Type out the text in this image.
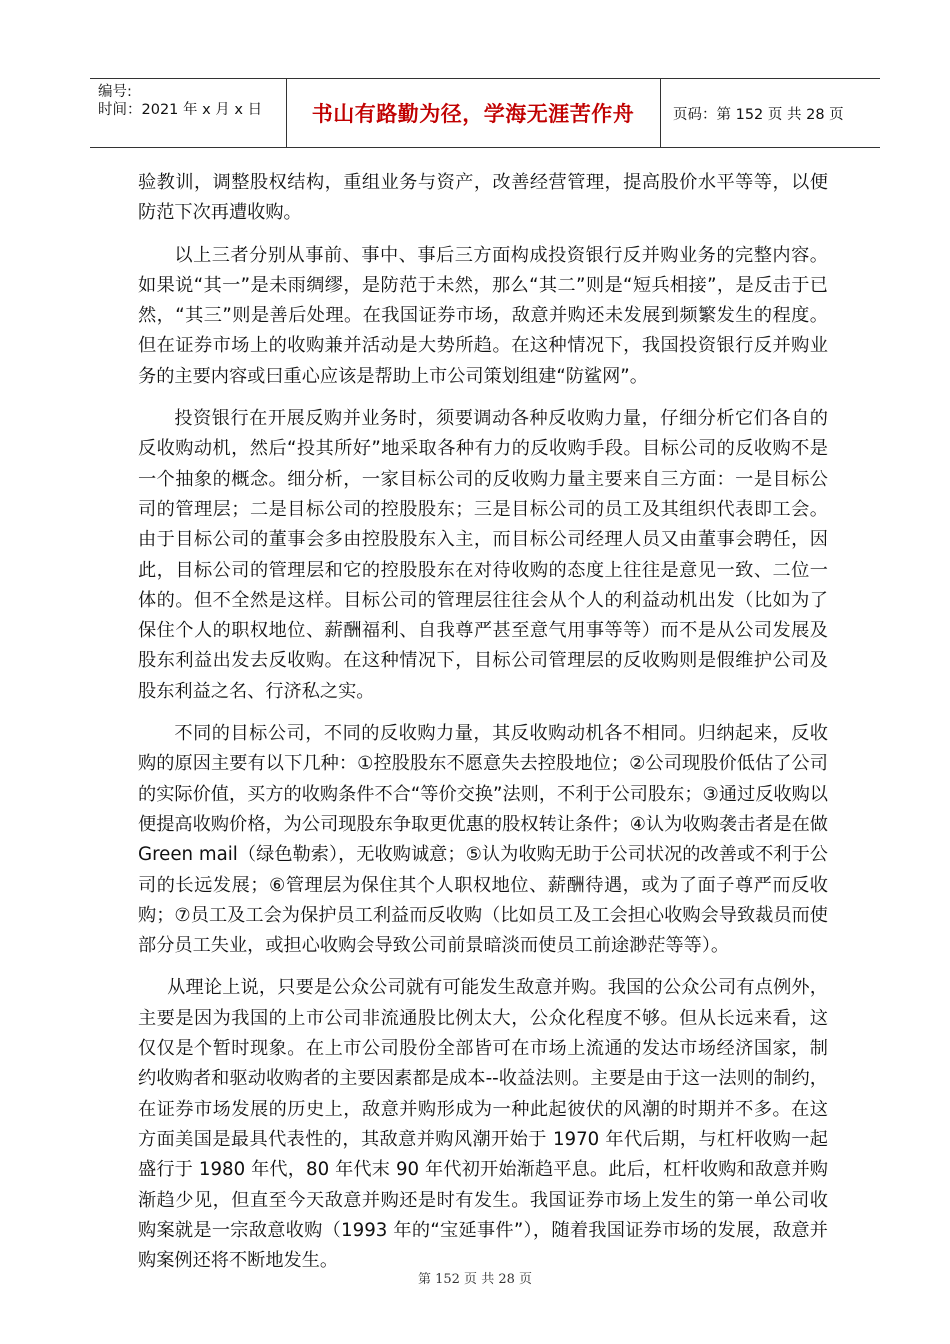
编号:
时间：2021 年 x 月 x 日	书山有路勤为径，学海无涯苦作舟	页码：第 152 页 共 28 页

验教训，调整股权结构，重组业务与资产，改善经营管理，提高股价水平等等，以便防范下次再遭收购。

以上三者分别从事前、事中、事后三方面构成投资银行反并购业务的完整内容。如果说“其一”是未雨绸缪，是防范于未然，那么“其二”则是“短兵相接”，是反击于已然，“其三”则是善后处理。在我国证券市场，敌意并购还未发展到频繁发生的程度。但在证券市场上的收购兼并活动是大势所趋。在这种情况下，我国投资银行反并购业务的主要内容或曰重心应该是帮助上市公司策划组建“防鲨网”。

投资银行在开展反购并业务时，须要调动各种反收购力量，仔细分析它们各自的反收购动机，然后“投其所好”地采取各种有力的反收购手段。目标公司的反收购不是一个抽象的概念。细分析，一家目标公司的反收购力量主要来自三方面：一是目标公司的管理层；二是目标公司的控股股东；三是目标公司的员工及其组织代表即工会。由于目标公司的董事会多由控股股东入主，而目标公司经理人员又由董事会聘任，因此，目标公司的管理层和它的控股股东在对待收购的态度上往往是意见一致、二位一体的。但不全然是这样。目标公司的管理层往往会从个人的利益动机出发（比如为了保住个人的职权地位、薪酬福利、自我尊严甚至意气用事等等）而不是从公司发展及股东利益出发去反收购。在这种情况下，目标公司管理层的反收购则是假维护公司及股东利益之名、行济私之实。

不同的目标公司，不同的反收购力量，其反收购动机各不相同。归纳起来，反收购的原因主要有以下几种：①控股股东不愿意失去控股地位；②公司现股价低估了公司的实际价值，买方的收购条件不合“等价交换”法则，不利于公司股东；③通过反收购以便提高收购价格，为公司现股东争取更优惠的股权转让条件；④认为收购袭击者是在做 Green mail（绿色勒索），无收购诚意；⑤认为收购无助于公司状况的改善或不利于公司的长远发展；⑥管理层为保住其个人职权地位、薪酬待遇，或为了面子尊严而反收购；⑦员工及工会为保护员工利益而反收购（比如员工及工会担心收购会导致裁员而使部分员工失业，或担心收购会导致公司前景暗淡而使员工前途渺茫等等）。

从理论上说，只要是公众公司就有可能发生敌意并购。我国的公众公司有点例外，主要是因为我国的上市公司非流通股比例太大，公众化程度不够。但从长远来看，这仅仅是个暂时现象。在上市公司股份全部皆可在市场上流通的发达市场经济国家，制约收购者和驱动收购者的主要因素都是成本--收益法则。主要是由于这一法则的制约，在证券市场发展的历史上，敌意并购形成为一种此起彼伏的风潮的时期并不多。在这方面美国是最具代表性的，其敌意并购风潮开始于 1970 年代后期，与杠杆收购一起盛行于 1980 年代，80 年代末 90 年代初开始渐趋平息。此后，杠杆收购和敌意并购渐趋少见，但直至今天敌意并购还是时有发生。我国证券市场上发生的第一单公司收购案就是一宗敌意收购（1993 年的“宝延事件”），随着我国证券市场的发展，敌意并购案例还将不断地发生。

第 152 页 共 28 页
